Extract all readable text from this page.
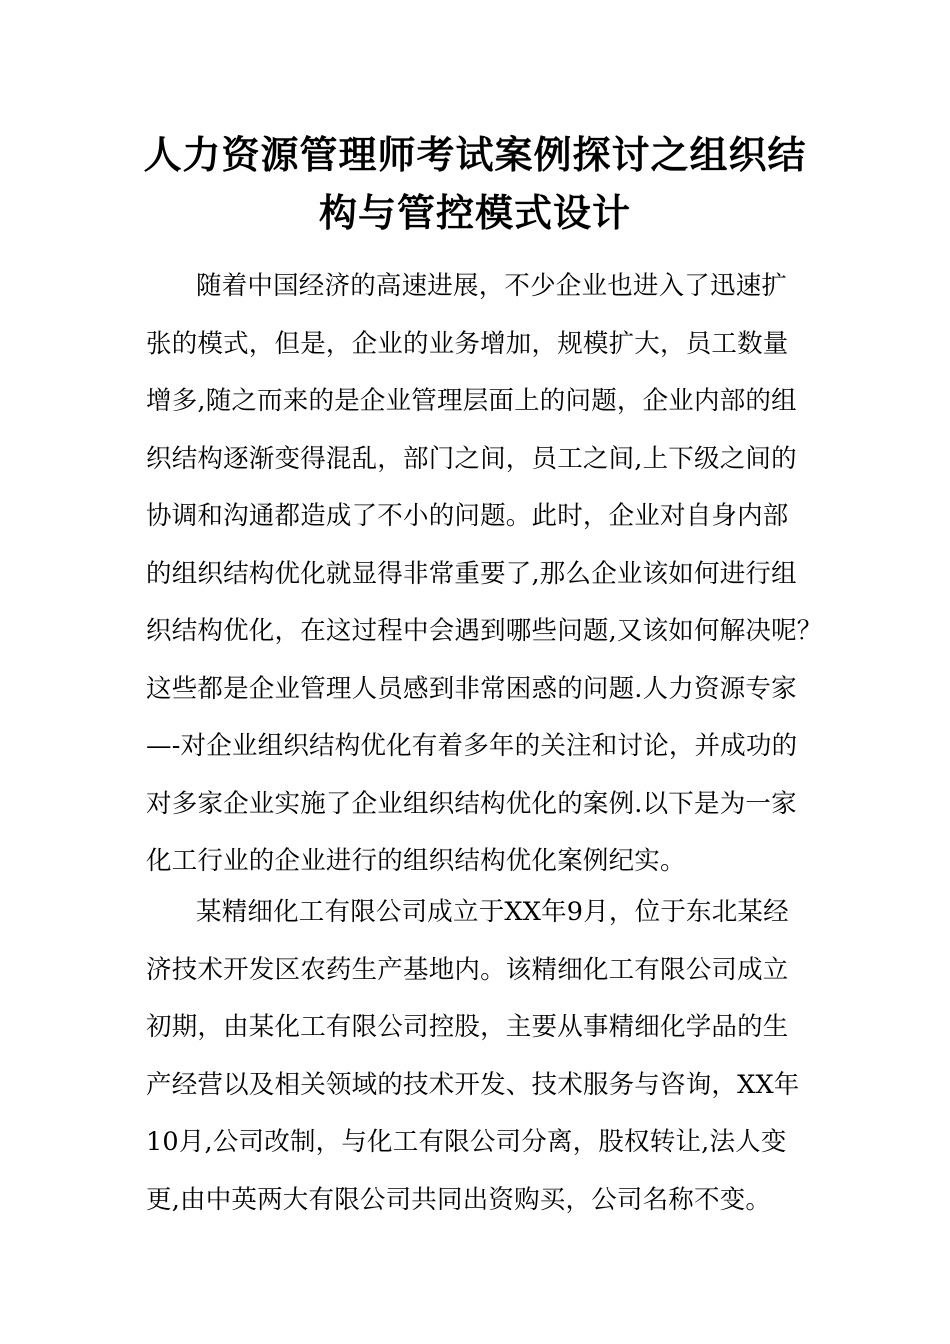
人力资源管理师考试案例探讨之组织结
构与管控模式设计
随着中国经济的高速进展，不少企业也进入了迅速扩
张的模式，但是，企业的业务增加，规模扩大，员工数量
增多,随之而来的是企业管理层面上的问题，企业内部的组
织结构逐渐变得混乱，部门之间，员工之间,上下级之间的
协调和沟通都造成了不小的问题。此时，企业对自身内部
的组织结构优化就显得非常重要了,那么企业该如何进行组
织结构优化，在这过程中会遇到哪些问题,又该如何解决呢？
这些都是企业管理人员感到非常困惑的问题.人力资源专家
—-对企业组织结构优化有着多年的关注和讨论，并成功的
对多家企业实施了企业组织结构优化的案例.以下是为一家
化工行业的企业进行的组织结构优化案例纪实。
某精细化工有限公司成立于XX年9月，位于东北某经
济技术开发区农药生产基地内。该精细化工有限公司成立
初期，由某化工有限公司控股，主要从事精细化学品的生
产经营以及相关领域的技术开发、技术服务与咨询，XX年
10月,公司改制，与化工有限公司分离，股权转让,法人变
更,由中英两大有限公司共同出资购买，公司名称不变。
